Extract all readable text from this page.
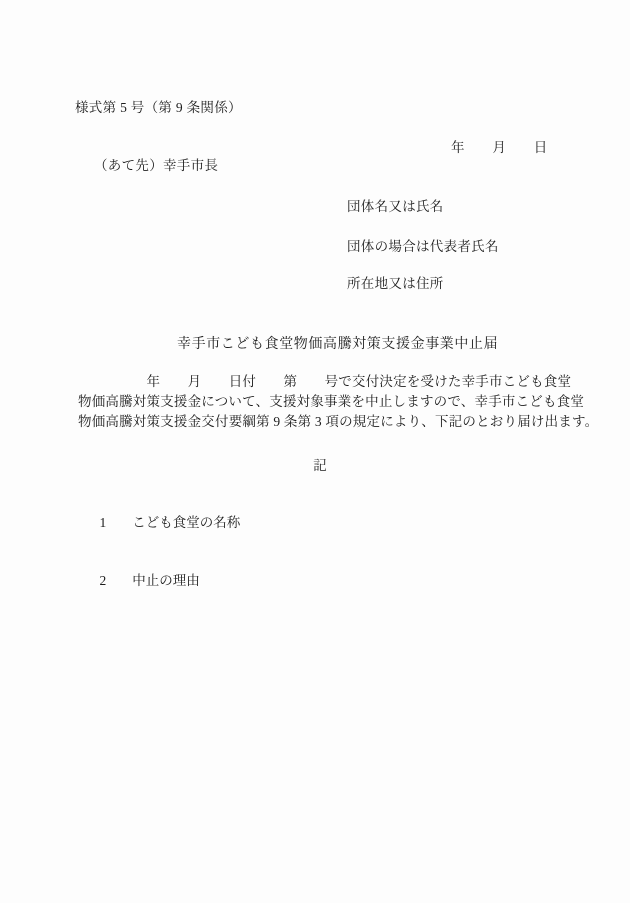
様式第 5 号（第 9 条関係）
年　　月　　日
（あて先）幸手市長
団体名又は氏名
団体の場合は代表者氏名
所在地又は住所
幸手市こども食堂物価高騰対策支援金事業中止届
　　　　　年　　月　　日付　　第　　号で交付決定を受けた幸手市こども食堂
物価高騰対策支援金について、支援対象事業を中止しますので、幸手市こども食堂
物価高騰対策支援金交付要綱第 9 条第 3 項の規定により、下記のとおり届け出ます。
記

1 こども食堂の名称

2 中止の理由
